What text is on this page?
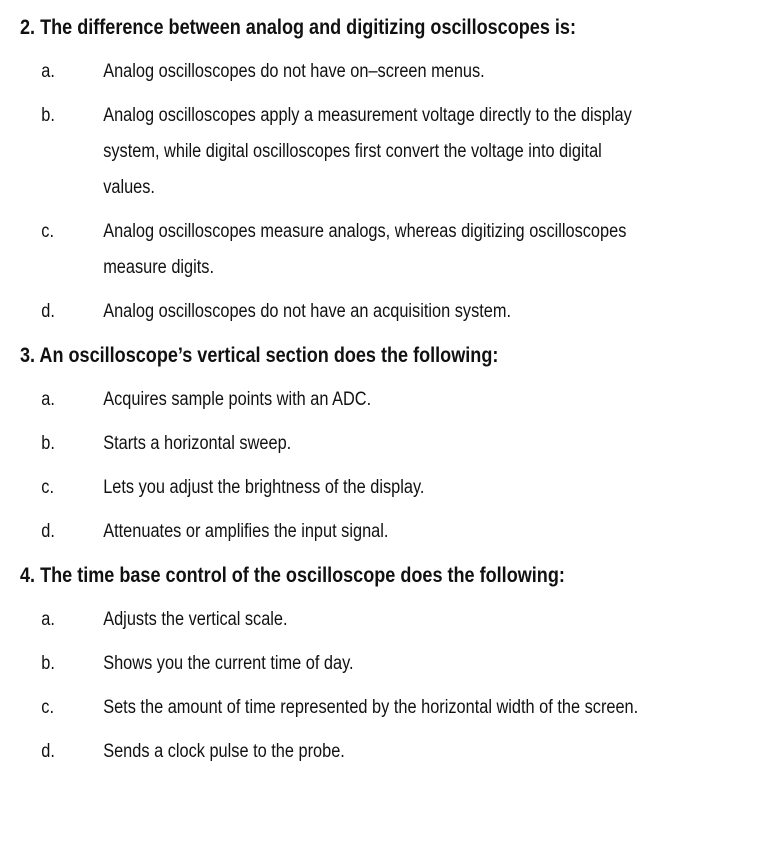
2. The difference between analog and digitizing oscilloscopes is:
a.	Analog oscilloscopes do not have on–screen menus.
b.	Analog oscilloscopes apply a measurement voltage directly to the display system, while digital oscilloscopes first convert the voltage into digital values.
c.	Analog oscilloscopes measure analogs, whereas digitizing oscilloscopes measure digits.
d.	Analog oscilloscopes do not have an acquisition system.
3. An oscilloscope’s vertical section does the following:
a.	Acquires sample points with an ADC.
b.	Starts a horizontal sweep.
c.	Lets you adjust the brightness of the display.
d.	Attenuates or amplifies the input signal.
4. The time base control of the oscilloscope does the following:
a.	Adjusts the vertical scale.
b.	Shows you the current time of day.
c.	Sets the amount of time represented by the horizontal width of the screen.
d.	Sends a clock pulse to the probe.
